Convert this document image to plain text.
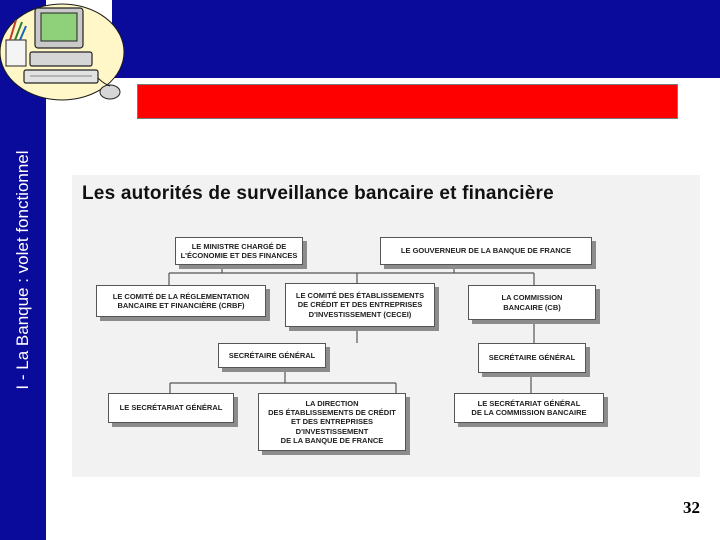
I - La Banque : volet fonctionnel	Les autorités de surveillance bancaire et financière
LE MINISTRE CHARGÉ DE
L'ÉCONOMIE ET DES FINANCES
LE GOUVERNEUR DE LA BANQUE DE FRANCE
LE COMITÉ DE LA RÉGLEMENTATION
BANCAIRE ET FINANCIÈRE (CRBF)
LE COMITÉ DES ÉTABLISSEMENTS
DE CRÉDIT ET DES ENTREPRISES
D'INVESTISSEMENT (CECEI)
LA COMMISSION
BANCAIRE (CB)
SECRÉTAIRE GÉNÉRAL	SECRÉTAIRE GÉNÉRAL
LE SECRÉTARIAT GÉNÉRAL
LA DIRECTION
DES ÉTABLISSEMENTS DE CRÉDIT
ET DES ENTREPRISES
D'INVESTISSEMENT
DE LA BANQUE DE FRANCE
LE SECRÉTARIAT GÉNÉRAL
DE LA COMMISSION BANCAIRE
32
